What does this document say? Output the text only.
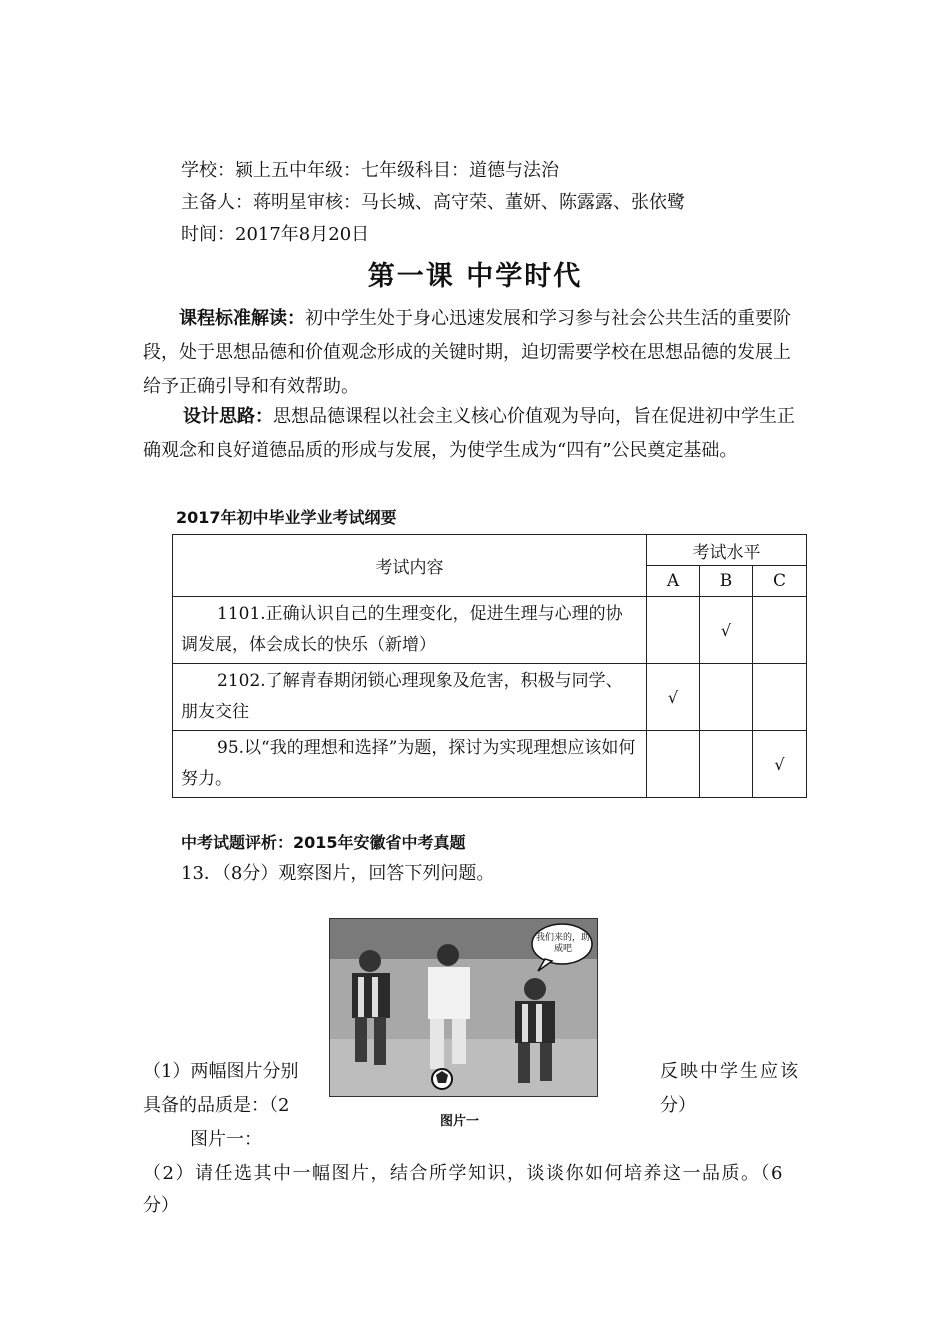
学校：颍上五中年级：七年级科目：道德与法治
主备人：蒋明星审核：马长城、高守荣、董妍、陈露露、张依鹭
时间：2017年8月20日
第一课 中学时代
课程标准解读：初中学生处于身心迅速发展和学习参与社会公共生活的重要阶段，处于思想品德和价值观念形成的关键时期，迫切需要学校在思想品德的发展上给予正确引导和有效帮助。
设计思路：思想品德课程以社会主义核心价值观为导向，旨在促进初中学生正确观念和良好道德品质的形成与发展，为使学生成为“四有”公民奠定基础。
2017年初中毕业学业考试纲要
考试内容	考试水平		
	A	B	C

1101.正确认识自己的生理变化，促进生理与心理的协调发展，体会成长的快乐（新增）		√	

2102.了解青春期闭锁心理现象及危害，积极与同学、朋友交往	√		

95.以“我的理想和选择”为题，探讨为实现理想应该如何努力。			√
中考试题评析：2015年安徽省中考真题
13．（8分）观察图片，回答下列问题。
我们来的，助威吧
图片一
（1）两幅图片分别	反映中学生应该
具备的品质是：（2	分）
图片一：
（2）请任选其中一幅图片，结合所学知识，谈谈你如何培养这一品质。（6
分）
